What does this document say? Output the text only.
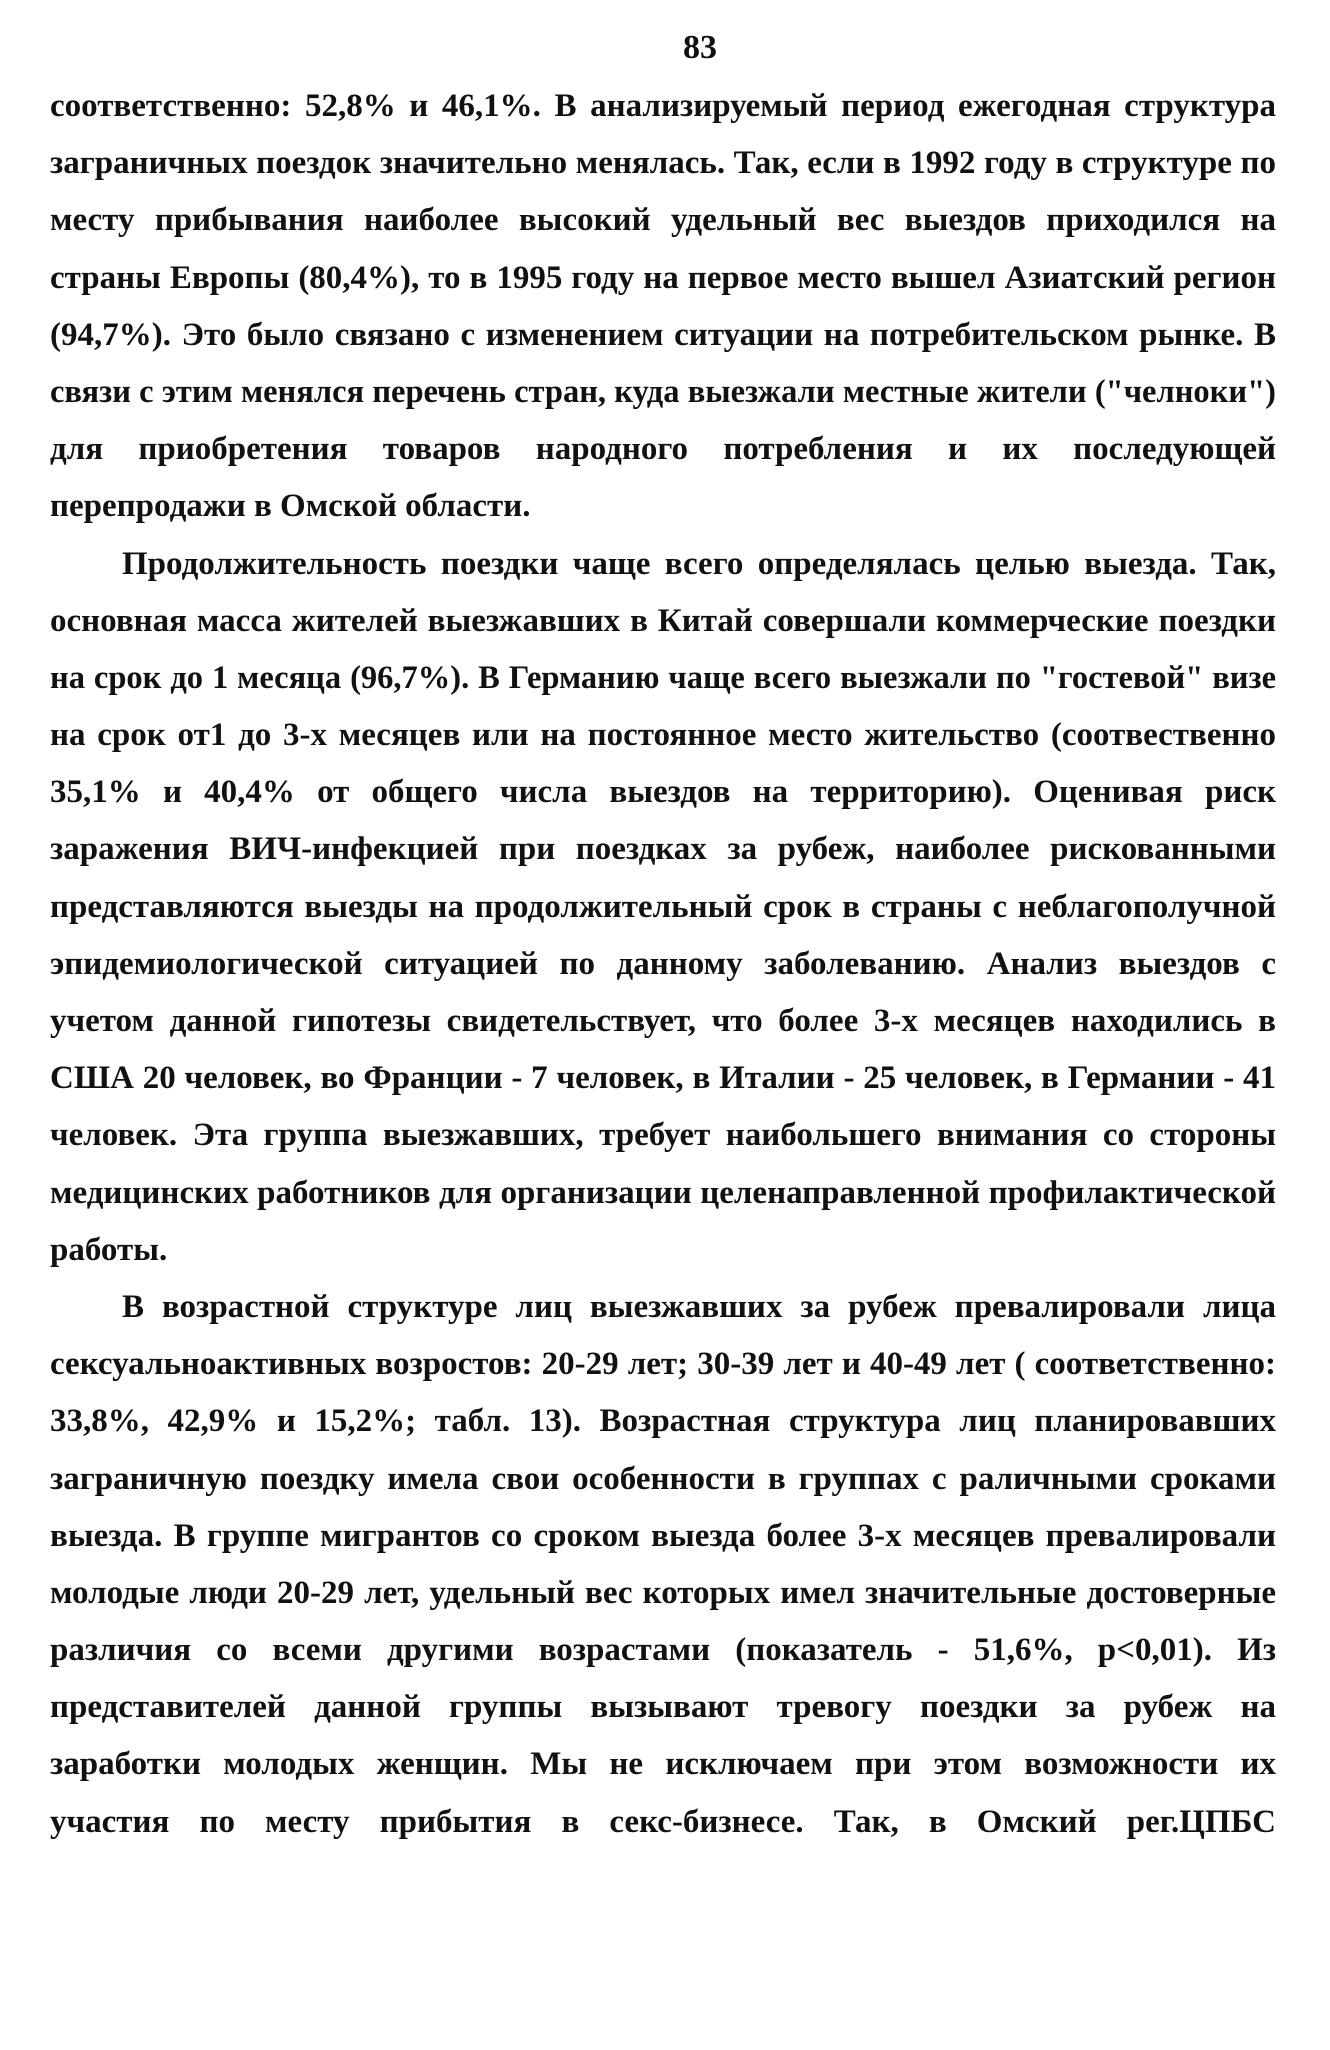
83
соответственно: 52,8% и 46,1%. В анализируемый период ежегодная структура
заграничных поездок значительно менялась. Так, если в 1992 году в структуре по
месту прибывания наиболее высокий удельный вес выездов приходился на
страны Европы (80,4%), то в 1995 году на первое место вышел Азиатский регион
(94,7%). Это было связано с изменением ситуации на потребительском рынке. В
связи с этим менялся перечень стран, куда выезжали местные жители ("челноки")
для приобретения товаров народного потребления и их последующей
перепродажи в Омской области.
Продолжительность поездки чаще всего определялась целью выезда. Так,
основная масса жителей выезжавших в Китай совершали коммерческие поездки
на срок до 1 месяца (96,7%). В Германию чаще всего выезжали по "гостевой" визе
на срок от1 до 3-х месяцев или на постоянное место жительство (соотвественно
35,1% и 40,4% от общего числа выездов на территорию). Оценивая риск
заражения ВИЧ-инфекцией при поездках за рубеж, наиболее рискованными
представляются выезды на продолжительный срок в страны с неблагополучной
эпидемиологической ситуацией по данному заболеванию. Анализ выездов с
учетом данной гипотезы свидетельствует, что более 3-х месяцев находились в
США 20 человек, во Франции - 7 человек, в Италии - 25 человек, в Германии - 41
человек. Эта группа выезжавших, требует наибольшего внимания со стороны
медицинских работников для организации целенаправленной профилактической
работы.
В возрастной структуре лиц выезжавших за рубеж превалировали лица
сексуальноактивных возростов: 20-29 лет; 30-39 лет и 40-49 лет ( соответственно:
33,8%, 42,9% и 15,2%; табл. 13). Возрастная структура лиц планировавших
заграничную поездку имела свои особенности в группах с раличными сроками
выезда. В группе мигрантов со сроком выезда более 3-х месяцев превалировали
молодые люди 20-29 лет, удельный вес которых имел значительные достоверные
различия со всеми другими возрастами (показатель - 51,6%, p<0,01). Из
представителей данной группы вызывают тревогу поездки за рубеж на
заработки молодых женщин. Мы не исключаем при этом возможности их
участия по месту прибытия в секс-бизнесе. Так, в Омский рег.ЦПБС
